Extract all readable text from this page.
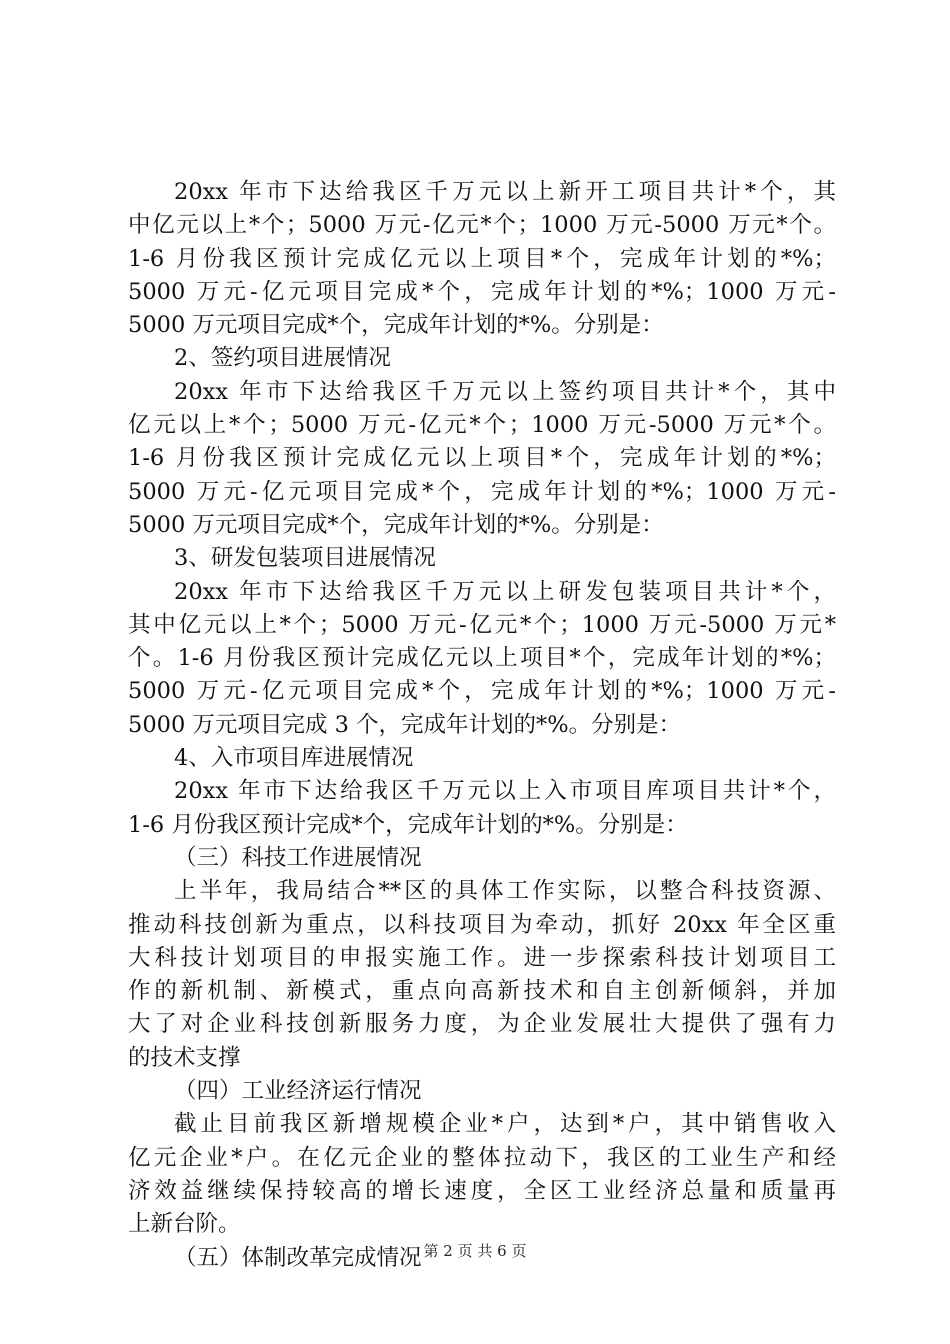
20xx 年市下达给我区千万元以上新开工项目共计*个，其
中亿元以上*个；5000 万元-亿元*个；1000 万元-5000 万元*个。
1-6 月份我区预计完成亿元以上项目*个，完成年计划的*%；
5000 万元-亿元项目完成*个，完成年计划的*%；1000 万元-
5000 万元项目完成*个，完成年计划的*%。分别是：
2、签约项目进展情况
20xx 年市下达给我区千万元以上签约项目共计*个，其中
亿元以上*个；5000 万元-亿元*个；1000 万元-5000 万元*个。
1-6 月份我区预计完成亿元以上项目*个，完成年计划的*%；
5000 万元-亿元项目完成*个，完成年计划的*%；1000 万元-
5000 万元项目完成*个，完成年计划的*%。分别是：
3、研发包装项目进展情况
20xx 年市下达给我区千万元以上研发包装项目共计*个，
其中亿元以上*个；5000 万元-亿元*个；1000 万元-5000 万元*
个。1-6 月份我区预计完成亿元以上项目*个，完成年计划的*%；
5000 万元-亿元项目完成*个，完成年计划的*%；1000 万元-
5000 万元项目完成 3 个，完成年计划的*%。分别是：
4、入市项目库进展情况
20xx 年市下达给我区千万元以上入市项目库项目共计*个，
1-6 月份我区预计完成*个，完成年计划的*%。分别是：
（三）科技工作进展情况
上半年，我局结合**区的具体工作实际，以整合科技资源、
推动科技创新为重点，以科技项目为牵动，抓好 20xx 年全区重
大科技计划项目的申报实施工作。进一步探索科技计划项目工
作的新机制、新模式，重点向高新技术和自主创新倾斜，并加
大了对企业科技创新服务力度，为企业发展壮大提供了强有力
的技术支撑
（四）工业经济运行情况
截止目前我区新增规模企业*户，达到*户，其中销售收入
亿元企业*户。在亿元企业的整体拉动下，我区的工业生产和经
济效益继续保持较高的增长速度，全区工业经济总量和质量再
上新台阶。
（五）体制改革完成情况 第 2 页 共 6 页
